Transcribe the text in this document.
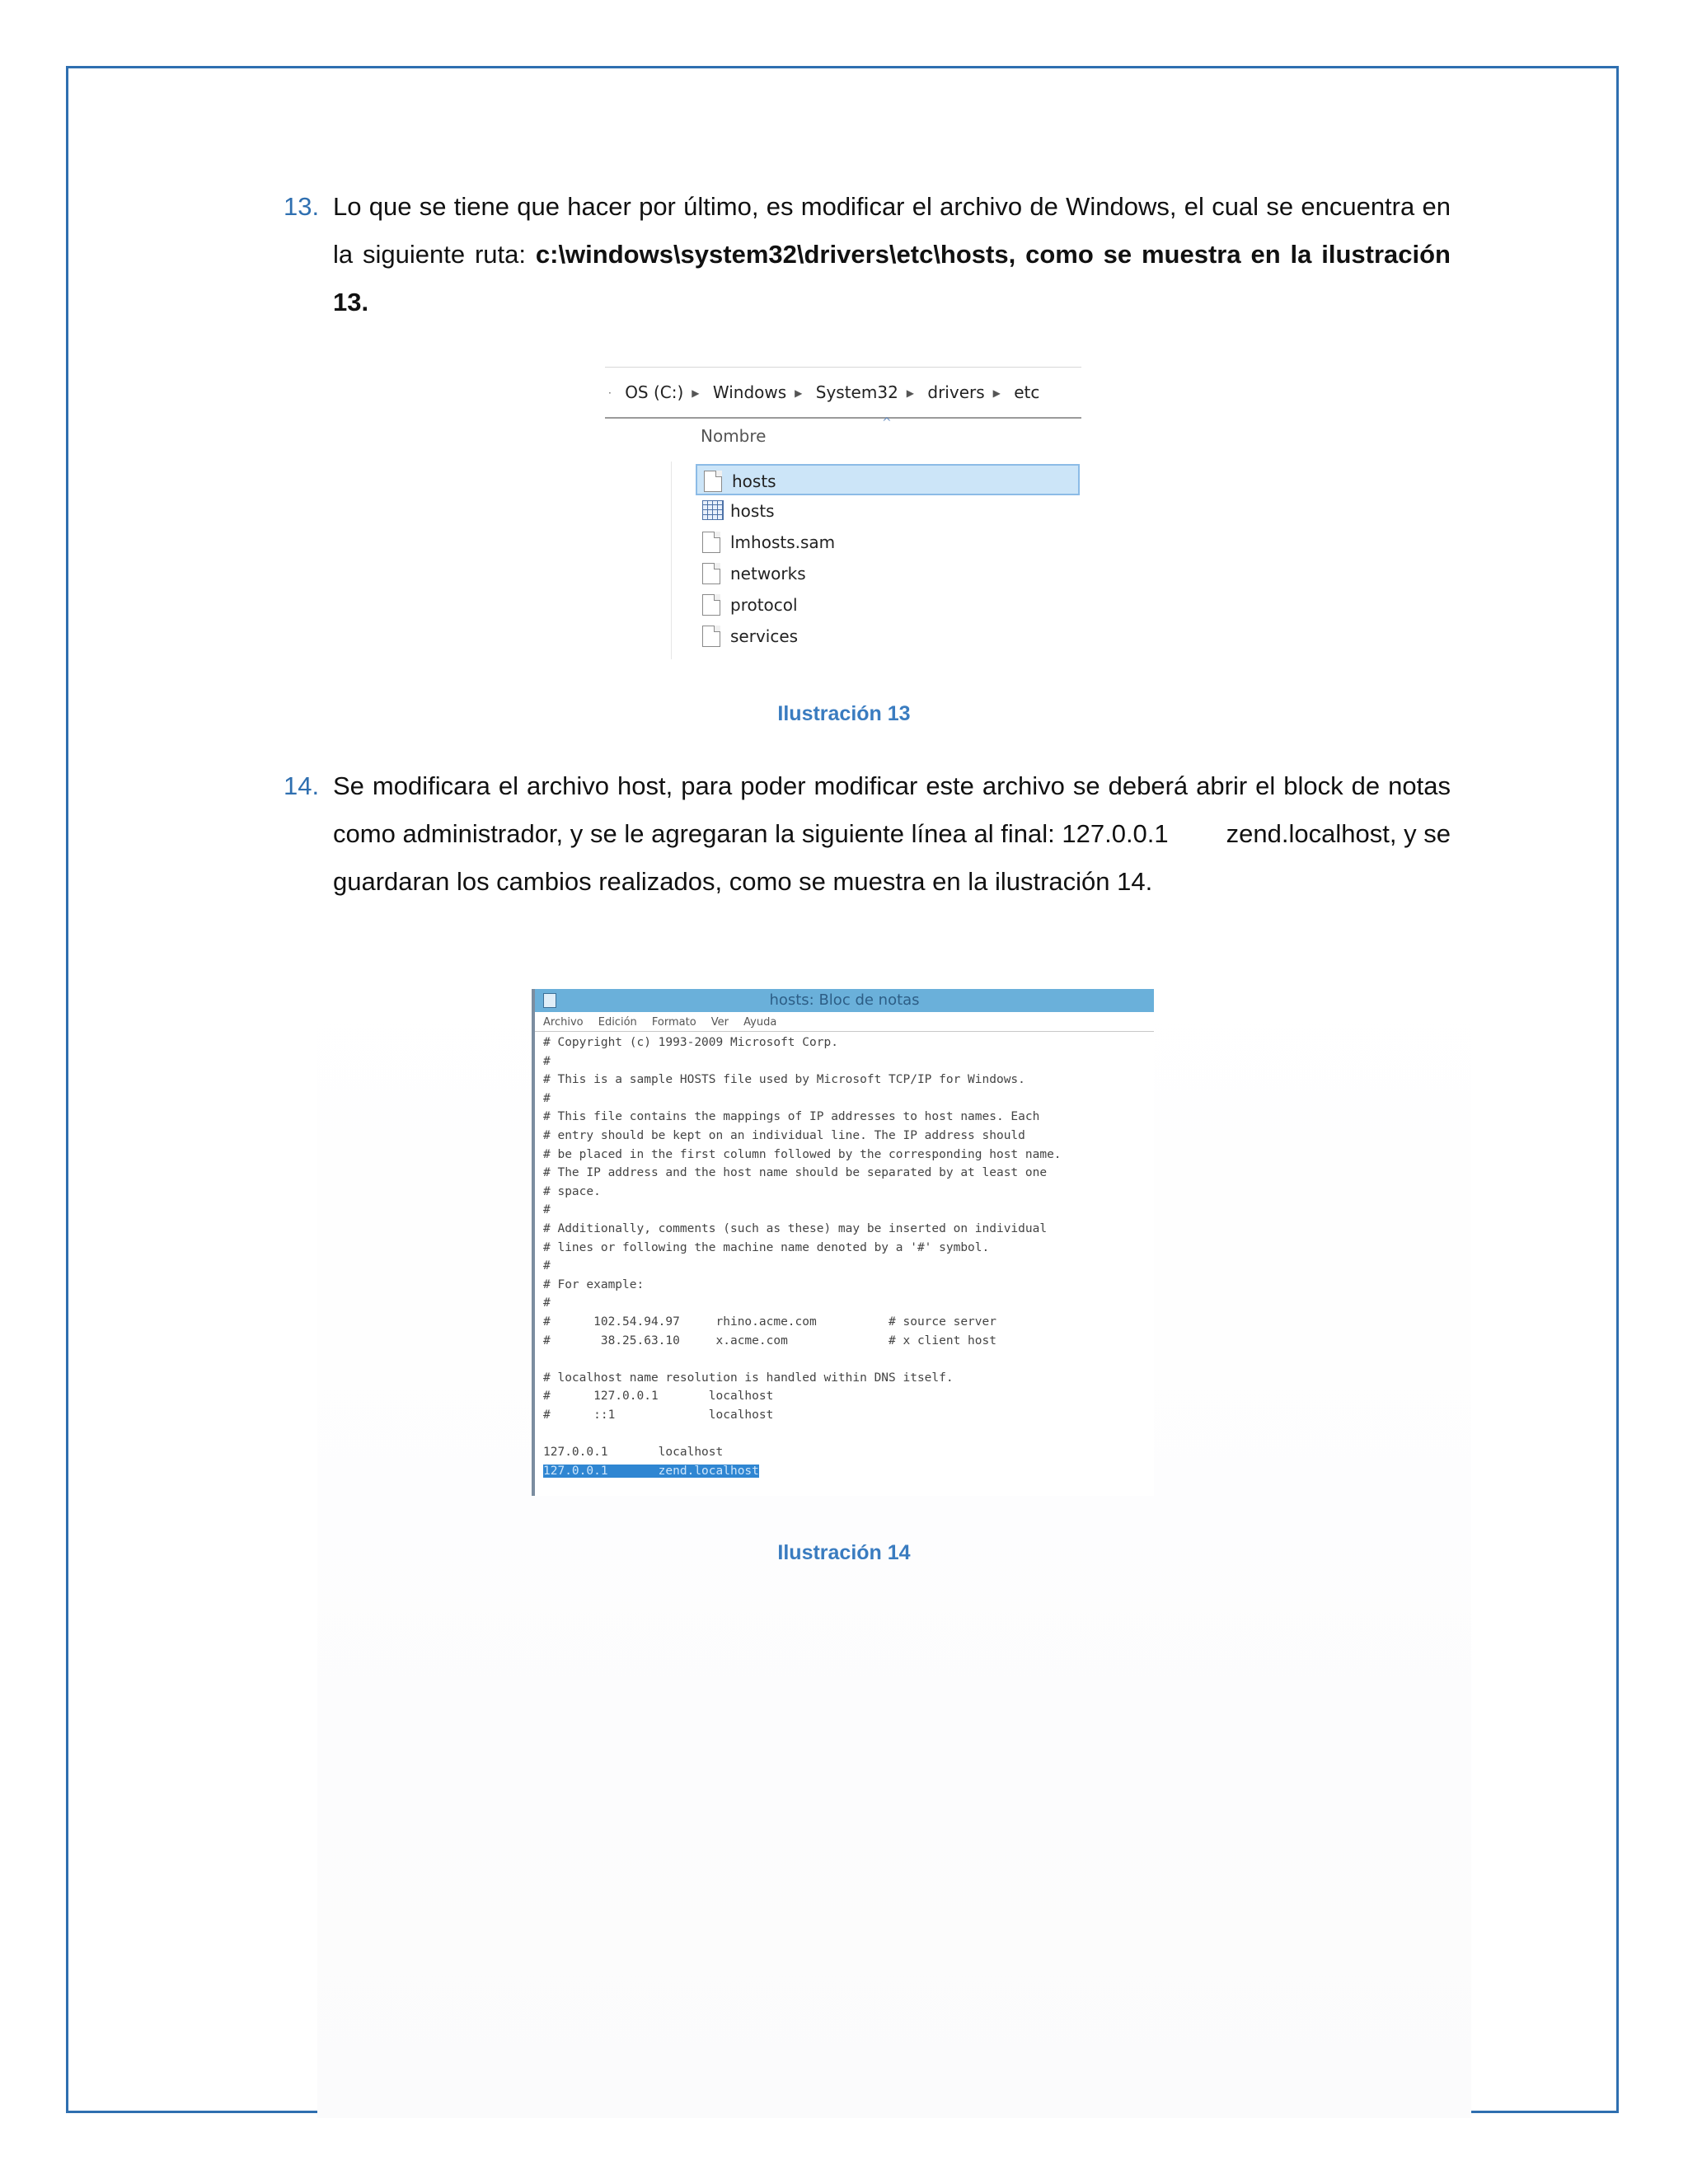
13. Lo que se tiene que hacer por último, es modificar el archivo de Windows, el cual se encuentra en la siguiente ruta: c:\windows\system32\drivers\etc\hosts, como se muestra en la ilustración 13.
· OS (C:) ▶ Windows ▶ System32 ▶ drivers ▶ etc
^
Nombre
hosts
hosts
lmhosts.sam
networks
protocol
services
Ilustración 13
14. Se modificara el archivo host, para poder modificar este archivo se deberá abrir el block de notas como administrador, y se le agregaran la siguiente línea al final: 127.0.0.1 zend.localhost, y se guardaran los cambios realizados, como se muestra en la ilustración 14.
hosts: Bloc de notas
Archivo Edición Formato Ver Ayuda
# Copyright (c) 1993-2009 Microsoft Corp.
#
# This is a sample HOSTS file used by Microsoft TCP/IP for Windows.
#
# This file contains the mappings of IP addresses to host names. Each
# entry should be kept on an individual line. The IP address should
# be placed in the first column followed by the corresponding host name.
# The IP address and the host name should be separated by at least one
# space.
#
# Additionally, comments (such as these) may be inserted on individual
# lines or following the machine name denoted by a '#' symbol.
#
# For example:
#
#      102.54.94.97     rhino.acme.com          # source server
#       38.25.63.10     x.acme.com              # x client host

# localhost name resolution is handled within DNS itself.
#      127.0.0.1       localhost
#      ::1             localhost

127.0.0.1       localhost
127.0.0.1       zend.localhost
Ilustración 14
